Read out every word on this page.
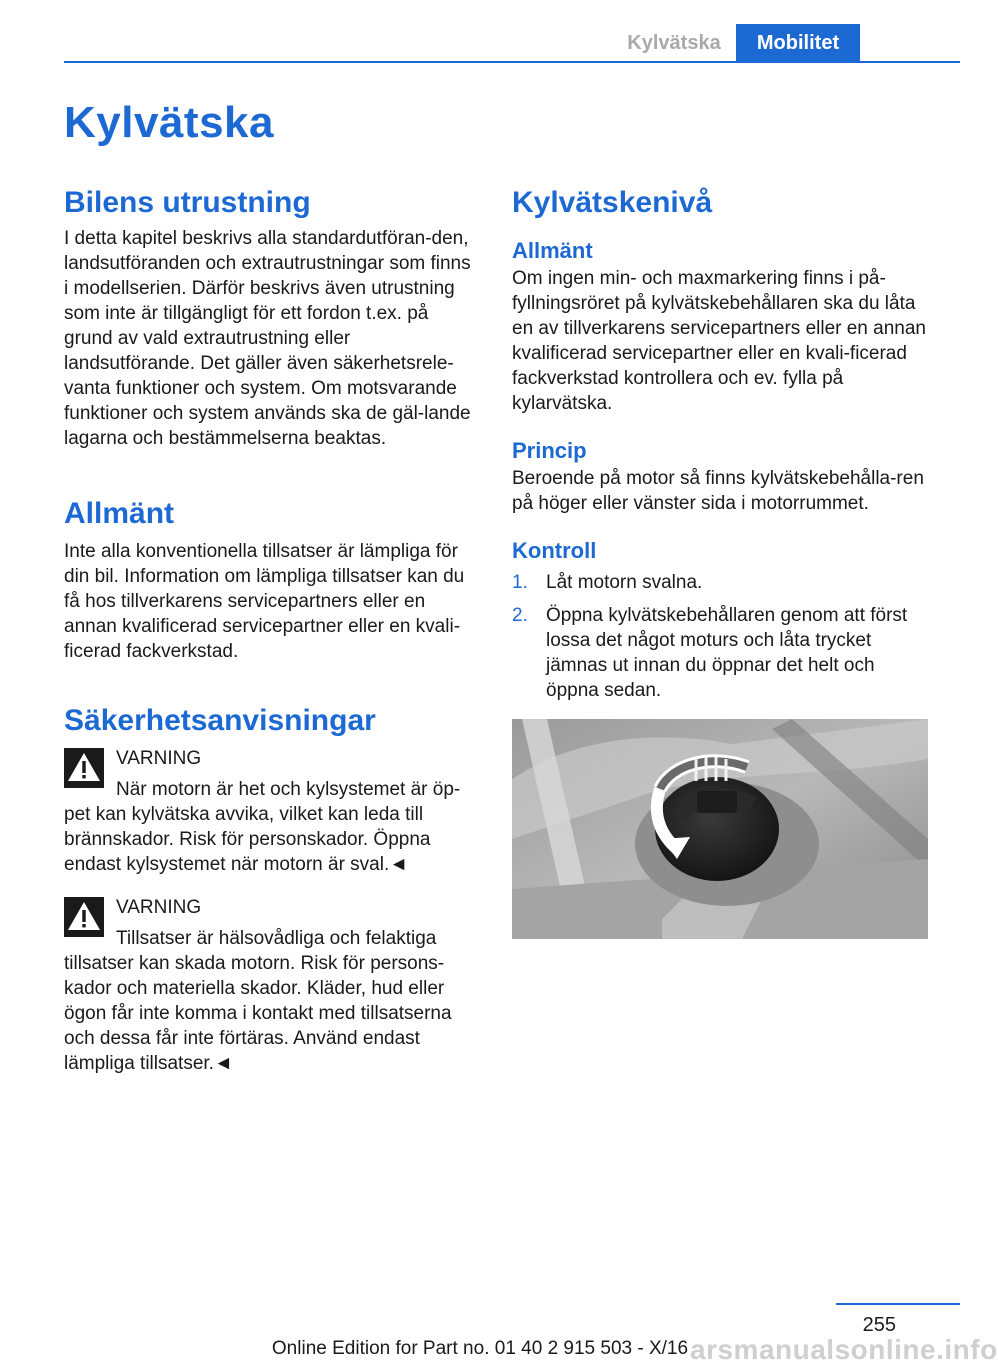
Kylvätska	Mobilitet
Kylvätska
Bilens utrustning

I detta kapitel beskrivs alla standardutföran-den, landsutföranden och extrautrustningar som finns i modellserien. Därför beskrivs även utrustning som inte är tillgängligt för ett fordon t.ex. på grund av vald extrautrustning eller landsutförande. Det gäller även säkerhetsrele-vanta funktioner och system. Om motsvarande funktioner och system används ska de gäl-lande lagarna och bestämmelserna beaktas.

Allmänt

Inte alla konventionella tillsatser är lämpliga för din bil. Information om lämpliga tillsatser kan du få hos tillverkarens servicepartners eller en annan kvalificerad servicepartner eller en kvali-ficerad fackverkstad.

Säkerhetsanvisningar
VARNING
När motorn är het och kylsystemet är öp-
pet kan kylvätska avvika, vilket kan leda till brännskador. Risk för personskador. Öppna endast kylsystemet när motorn är sval.◄
VARNING
Tillsatser är hälsovådliga och felaktiga
tillsatser kan skada motorn. Risk för persons-kador och materiella skador. Kläder, hud eller ögon får inte komma i kontakt med tillsatserna och dessa får inte förtäras. Använd endast lämpliga tillsatser.◄
Kylvätskenivå
Allmänt

Om ingen min- och maxmarkering finns i på-fyllningsröret på kylvätskebehållaren ska du låta en av tillverkarens servicepartners eller en annan kvalificerad servicepartner eller en kvali-ficerad fackverkstad kontrollera och ev. fylla på kylarvätska.

Princip

Beroende på motor så finns kylvätskebehålla-ren på höger eller vänster sida i motorrummet.

Kontroll
1. Låt motorn svalna.
2. Öppna kylvätskebehållaren genom att först lossa det något moturs och låta trycket jämnas ut innan du öppnar det helt och öppna sedan.
255
Online Edition for Part no. 01 40 2 915 503 - X/16 arsmanualsonline.info
